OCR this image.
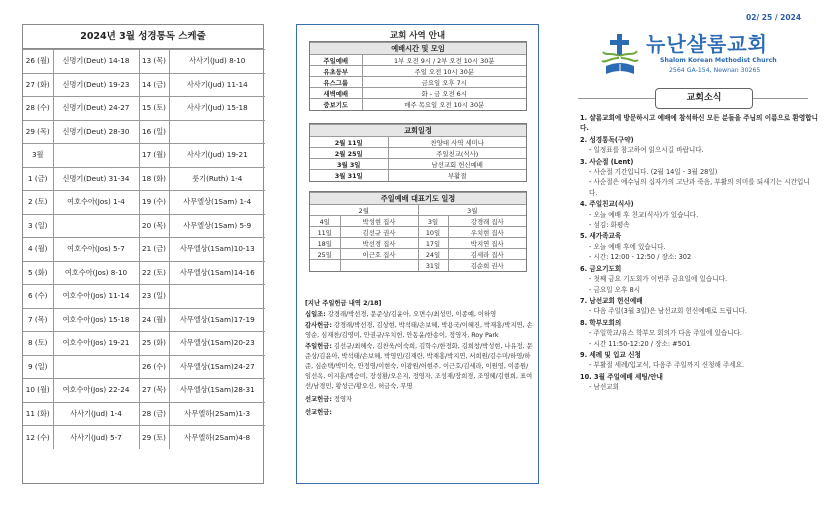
2024년 3월 성경통독 스케줄
26 (월)	신명기(Deut) 14-18	13 (목)	사사기(Jud) 8-10
27 (화)	신명기(Deut) 19-23	14 (금)	사사기(Jud) 11-14
28 (수)	신명기(Deut) 24-27	15 (토)	사사기(Jud) 15-18
29 (목)	신명기(Deut) 28-30	16 (일)	
3월		17 (월)	사사기(Jud) 19-21
1 (금)	신명기(Deut) 31-34	18 (화)	룻기(Ruth) 1-4
2 (토)	여호수아(Jos) 1-4	19 (수)	사무엘상(1Sam) 1-4
3 (일)		20 (목)	사무엘상(1Sam) 5-9
4 (월)	여호수아(Jos) 5-7	21 (금)	사무엘상(1Sam)10-13
5 (화)	여호수아(Jos) 8-10	22 (토)	사무엘상(1Sam)14-16
6 (수)	여호수아(Jos) 11-14	23 (일)	
7 (목)	여호수아(Jos) 15-18	24 (월)	사무엘상(1Sam)17-19
8 (토)	여호수아(Jos) 19-21	25 (화)	사무엘상(1Sam)20-23
9 (일)		26 (수)	사무엘상(1Sam)24-27
10 (월)	여호수아(Jos) 22-24	27 (목)	사무엘상(1Sam)28-31
11 (화)	사사기(Jud) 1-4	28 (금)	사무엘하(2Sam)1-3
12 (수)	사사기(Jud) 5-7	29 (토)	사무엘하(2Sam)4-8
교회 사역 안내
예배시간 및 모임	
주일예배	1부 오전 9시 / 2부 오전 10시 30분
유초등부	주일 오전 10시 30분
유스그룹	금요일 오후 7시
새벽예배	화 - 금 오전 6시
중보기도	매주 목요일 오전 10시 30분
교회일정	
2월 11일	찬양대 사역 세미나
2월 25일	주일친교(식사)
3월 3일	남선교회 헌신예배
3월 31일	부활절
주일예배 대표기도 일정			
2월		3월	
4일	박성현 집사	3일	강경래 집사
11일	김선규 권사	10일	우치현 집사
18일	박선경 집사	17일	박지연 집사
25일	이근호 집사	24일	김세라 집사
		31일	김순희 권사

[지난 주일헌금 내역 2/18]

십일조: 강경래/박선경, 문준상/김윤아, 오면수/최성민, 이종예, 이하영

감사헌금: 강경래/박선경, 김상현, 박석태/손보혜, 박용국/이혜진, 박재홍/박지연, 손영순, 심재찬/김영미, 안권규/우치헌, 안동윤/한송이, 정영자, Roy Park

주일헌금: 김선규/최혜숙, 김찬욱/이숙희, 김학수/한정화, 김희창/박성현, 나유정, 문준상/김윤아, 박석태/손보혜, 박영민/김재란, 박재홍/박지연, 서희원/김수미/하영/하준, 심순택/박미숙, 안정영/이현숙, 이광원/이현주, 이근호/김세라, 이원영, 이종원/임선옥, 이지훈/백승미, 장성환/오은지, 정영자, 조성재/장희경, 조영혜/김현희, 표여선/남경민, 황성근/황오신, 허금숙, 무명

선교헌금: 정영자

선교헌금:

02/ 25 / 2024
뉴난샬롬교회
Shalom Korean Methodist Church
2564 GA-154, Newnan 30265
교회소식
1. 샬롬교회에 방문하시고 예배에 참석하신 모든 분들을 주님의 이름으로 환영합니다.
2. 성경통독(구약)
- 일정표를 참고하여 읽으시길 바랍니다.
3. 사순절 (Lent)
- 사순절 기간입니다. (2월 14일 - 3월 28일)
- 사순절은 예수님의 십자가의 고난과 죽음, 부활의 의미를 되새기는 시간입니다.
4. 주일친교(식사)
- 오늘 예배 후 친교(식사)가 있습니다.
- 섬김: 화평속
5. 새가족교육
- 오늘 예배 후에 있습니다.
- 시간: 12:00 - 12:50 / 장소: 302
6. 금요기도회
- 첫째 금요 기도회가 이번주 금요일에 있습니다.
- 금요일 오후 8시
7. 남선교회 헌신예배
- 다음 주일(3월 3일)은 남선교회 헌신예배로 드립니다.
8. 학부모회의
- 주일학교/유스 학부모 회의가 다음 주일에 있습니다.
- 시간 11:50-12:20 / 장소: #501
9. 세례 및 입교 신청
- 부활절 세례/입교식, 다음주 주일까지 신청해 주세요.
10. 3월 주일예배 세팅/안내
- 남선교회
